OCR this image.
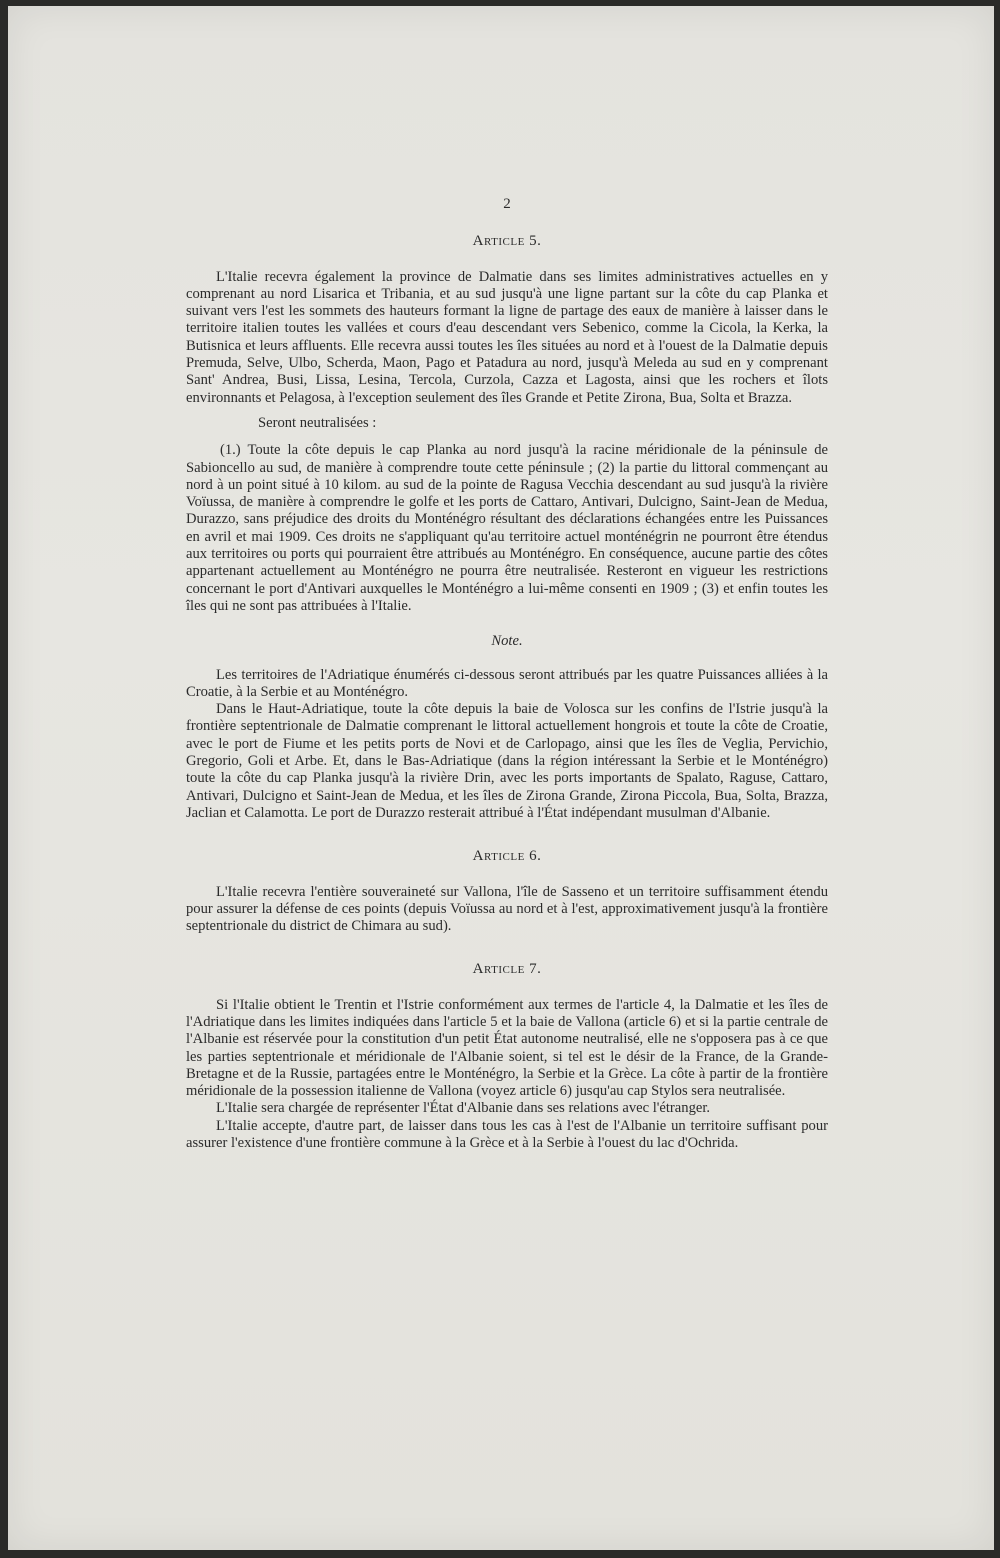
2
Article 5.

L'Italie recevra également la province de Dalmatie dans ses limites administratives actuelles en y comprenant au nord Lisarica et Tribania, et au sud jusqu'à une ligne partant sur la côte du cap Planka et suivant vers l'est les sommets des hauteurs formant la ligne de partage des eaux de manière à laisser dans le territoire italien toutes les vallées et cours d'eau descendant vers Sebenico, comme la Cicola, la Kerka, la Butisnica et leurs affluents. Elle recevra aussi toutes les îles situées au nord et à l'ouest de la Dalmatie depuis Premuda, Selve, Ulbo, Scherda, Maon, Pago et Patadura au nord, jusqu'à Meleda au sud en y comprenant Sant' Andrea, Busi, Lissa, Lesina, Tercola, Curzola, Cazza et Lagosta, ainsi que les rochers et îlots environnants et Pelagosa, à l'exception seulement des îles Grande et Petite Zirona, Bua, Solta et Brazza.

Seront neutralisées :

(1.) Toute la côte depuis le cap Planka au nord jusqu'à la racine méridionale de la péninsule de Sabioncello au sud, de manière à comprendre toute cette péninsule ; (2) la partie du littoral commençant au nord à un point situé à 10 kilom. au sud de la pointe de Ragusa Vecchia descendant au sud jusqu'à la rivière Voïussa, de manière à comprendre le golfe et les ports de Cattaro, Antivari, Dulcigno, Saint-Jean de Medua, Durazzo, sans préjudice des droits du Monténégro résultant des déclarations échangées entre les Puissances en avril et mai 1909. Ces droits ne s'appliquant qu'au territoire actuel monténégrin ne pourront être étendus aux territoires ou ports qui pourraient être attribués au Monténégro. En conséquence, aucune partie des côtes appartenant actuellement au Monténégro ne pourra être neutralisée. Resteront en vigueur les restrictions concernant le port d'Antivari auxquelles le Monténégro a lui-même consenti en 1909 ; (3) et enfin toutes les îles qui ne sont pas attribuées à l'Italie.

Note.

Les territoires de l'Adriatique énumérés ci-dessous seront attribués par les quatre Puissances alliées à la Croatie, à la Serbie et au Monténégro.

Dans le Haut-Adriatique, toute la côte depuis la baie de Volosca sur les confins de l'Istrie jusqu'à la frontière septentrionale de Dalmatie comprenant le littoral actuellement hongrois et toute la côte de Croatie, avec le port de Fiume et les petits ports de Novi et de Carlopago, ainsi que les îles de Veglia, Pervichio, Gregorio, Goli et Arbe. Et, dans le Bas-Adriatique (dans la région intéressant la Serbie et le Monténégro) toute la côte du cap Planka jusqu'à la rivière Drin, avec les ports importants de Spalato, Raguse, Cattaro, Antivari, Dulcigno et Saint-Jean de Medua, et les îles de Zirona Grande, Zirona Piccola, Bua, Solta, Brazza, Jaclian et Calamotta. Le port de Durazzo resterait attribué à l'État indépendant musulman d'Albanie.

Article 6.

L'Italie recevra l'entière souveraineté sur Vallona, l'île de Sasseno et un territoire suffisamment étendu pour assurer la défense de ces points (depuis Voïussa au nord et à l'est, approximativement jusqu'à la frontière septentrionale du district de Chimara au sud).

Article 7.

Si l'Italie obtient le Trentin et l'Istrie conformément aux termes de l'article 4, la Dalmatie et les îles de l'Adriatique dans les limites indiquées dans l'article 5 et la baie de Vallona (article 6) et si la partie centrale de l'Albanie est réservée pour la constitution d'un petit État autonome neutralisé, elle ne s'opposera pas à ce que les parties septentrionale et méridionale de l'Albanie soient, si tel est le désir de la France, de la Grande-Bretagne et de la Russie, partagées entre le Monténégro, la Serbie et la Grèce. La côte à partir de la frontière méridionale de la possession italienne de Vallona (voyez article 6) jusqu'au cap Stylos sera neutralisée.

L'Italie sera chargée de représenter l'État d'Albanie dans ses relations avec l'étranger.

L'Italie accepte, d'autre part, de laisser dans tous les cas à l'est de l'Albanie un territoire suffisant pour assurer l'existence d'une frontière commune à la Grèce et à la Serbie à l'ouest du lac d'Ochrida.
